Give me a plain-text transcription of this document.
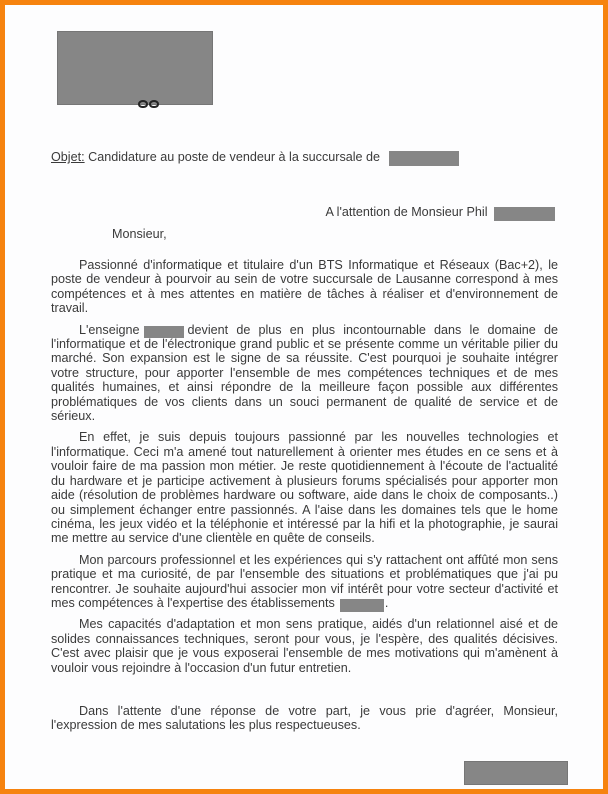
Objet: Candidature au poste de vendeur à la succursale de
A l'attention de Monsieur Phil
Monsieur,

Passionné d'informatique et titulaire d'un BTS Informatique et Réseaux (Bac+2), le poste de vendeur à pourvoir au sein de votre succursale de Lausanne correspond à mes compétences et à mes attentes en matière de tâches à réaliser et d'environnement de travail.

L'enseigne	devient de plus en plus incontournable dans le domaine de l'informatique et de l'électronique grand public et se présente comme un véritable pilier du marché. Son expansion est le signe de sa réussite. C'est pourquoi je souhaite intégrer votre structure, pour apporter l'ensemble de mes compétences techniques et de mes qualités humaines, et ainsi répondre de la meilleure façon possible aux différentes problématiques de vos clients dans un souci permanent de qualité de service et de sérieux.

En effet, je suis depuis toujours passionné par les nouvelles technologies et l'informatique. Ceci m'a amené tout naturellement à orienter mes études en ce sens et à vouloir faire de ma passion mon métier. Je reste quotidiennement à l'écoute de l'actualité du hardware et je participe activement à plusieurs forums spécialisés pour apporter mon aide (résolution de problèmes hardware ou software, aide dans le choix de composants..) ou simplement échanger entre passionnés. A l'aise dans les domaines tels que le home cinéma, les jeux vidéo et la téléphonie et intéressé par la hifi et la photographie, je saurai me mettre au service d'une clientèle en quête de conseils.

Mon parcours professionnel et les expériences qui s'y rattachent ont affûté mon sens pratique et ma curiosité, de par l'ensemble des situations et problématiques que j'ai pu rencontrer. Je souhaite aujourd'hui associer mon vif intérêt pour votre secteur d'activité et mes compétences à l'expertise des établissements	.

Mes capacités d'adaptation et mon sens pratique, aidés d'un relationnel aisé et de solides connaissances techniques, seront pour vous, je l'espère, des qualités décisives. C'est avec plaisir que je vous exposerai l'ensemble de mes motivations qui m'amènent à vouloir vous rejoindre à l'occasion d'un futur entretien.

Dans l'attente d'une réponse de votre part, je vous prie d'agréer, Monsieur, l'expression de mes salutations les plus respectueuses.
